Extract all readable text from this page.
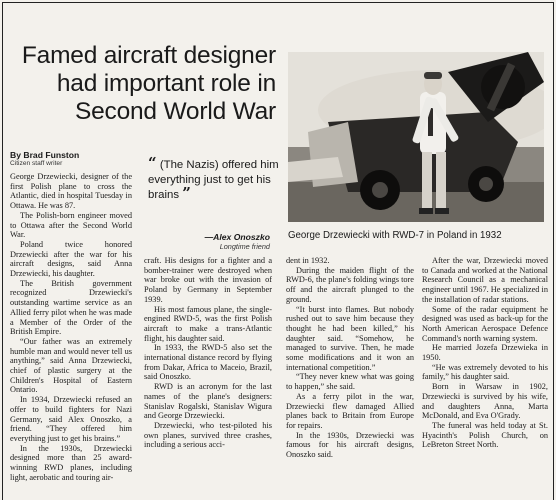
Famed aircraft designer had important role in Second World War
By Brad Funston
Citizen staff writer

George Drzewiecki, designer of the first Polish plane to cross the Atlantic, died in hospital Tuesday in Ottawa. He was 87.

The Polish-born engineer moved to Ottawa after the Second World War.

Poland twice honored Drzewiecki after the war for his aircraft designs, said Anna Drzewiecki, his daughter.

The British government recognized Drzewiecki's outstanding wartime service as an Allied ferry pilot when he was made a Member of the Order of the British Empire.

“Our father was an extremely humble man and would never tell us anything,” said Anna Drzewiecki, chief of plastic surgery at the Children's Hospital of Eastern Ontario.

In 1934, Drzewiecki refused an offer to build fighters for Nazi Germany, said Alex Onoszko, a friend. “They offered him everything just to get his brains.”

In the 1930s, Drzewiecki designed more than 25 award-winning RWD planes, including light, aerobatic and touring air-

“ (The Nazis) offered him everything just to get his brains ”
—Alex Onoszko
Longtime friend

craft. His designs for a fighter and a bomber-trainer were destroyed when war broke out with the invasion of Poland by Germany in September 1939.

His most famous plane, the single-engined RWD-5, was the first Polish aircraft to make a trans-Atlantic flight, his daughter said.

In 1933, the RWD-5 also set the international distance record by flying from Dakar, Africa to Maceio, Brazil, said Onoszko.

RWD is an acronym for the last names of the plane's designers: Stanislav Rogalski, Stanislav Wigura and George Drzewiecki.

Drzewiecki, who test-piloted his own planes, survived three crashes, including a serious acci-

George Drzewiecki with RWD-7 in Poland in 1932

dent in 1932.

During the maiden flight of the RWD-6, the plane's folding wings tore off and the aircraft plunged to the ground.

“It burst into flames. But nobody rushed out to save him because they thought he had been killed,” his daughter said. “Somehow, he managed to survive. Then, he made some modifications and it won an international competition.”

“They never knew what was going to happen,” she said.

As a ferry pilot in the war, Drzewiecki flew damaged Allied planes back to Britain from Europe for repairs.

In the 1930s, Drzewiecki was famous for his aircraft designs, Onoszko said.

After the war, Drzewiecki moved to Canada and worked at the National Research Council as a mechanical engineer until 1967. He specialized in the installation of radar stations.

Some of the radar equipment he designed was used as back-up for the North American Aerospace Defence Command's north warning system.

He married Jozefa Drzewieka in 1950.

“He was extremely devoted to his family,” his daughter said.

Born in Warsaw in 1902, Drzewiecki is survived by his wife, and daughters Anna, Marta McDonald, and Eva O'Grady.

The funeral was held today at St. Hyacinth's Polish Church, on LeBreton Street North.
